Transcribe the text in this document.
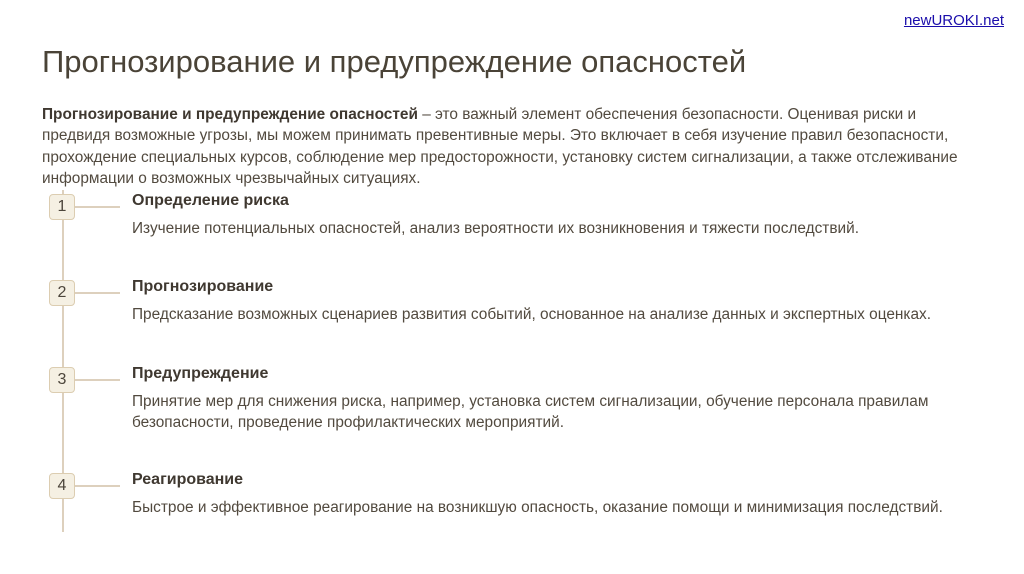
newUROKI.net
Прогнозирование и предупреждение опасностей

Прогнозирование и предупреждение опасностей – это важный элемент обеспечения безопасности. Оценивая риски и предвидя возможные угрозы, мы можем принимать превентивные меры. Это включает в себя изучение правил безопасности, прохождение специальных курсов, соблюдение мер предосторожности, установку систем сигнализации, а также отслеживание информации о возможных чрезвычайных ситуациях.

1	Определение риска
Изучение потенциальных опасностей, анализ вероятности их возникновения и тяжести последствий.
2	Прогнозирование
Предсказание возможных сценариев развития событий, основанное на анализе данных и экспертных оценках.
3	Предупреждение
Принятие мер для снижения риска, например, установка систем сигнализации, обучение персонала правилам безопасности, проведение профилактических мероприятий.
4	Реагирование
Быстрое и эффективное реагирование на возникшую опасность, оказание помощи и минимизация последствий.
